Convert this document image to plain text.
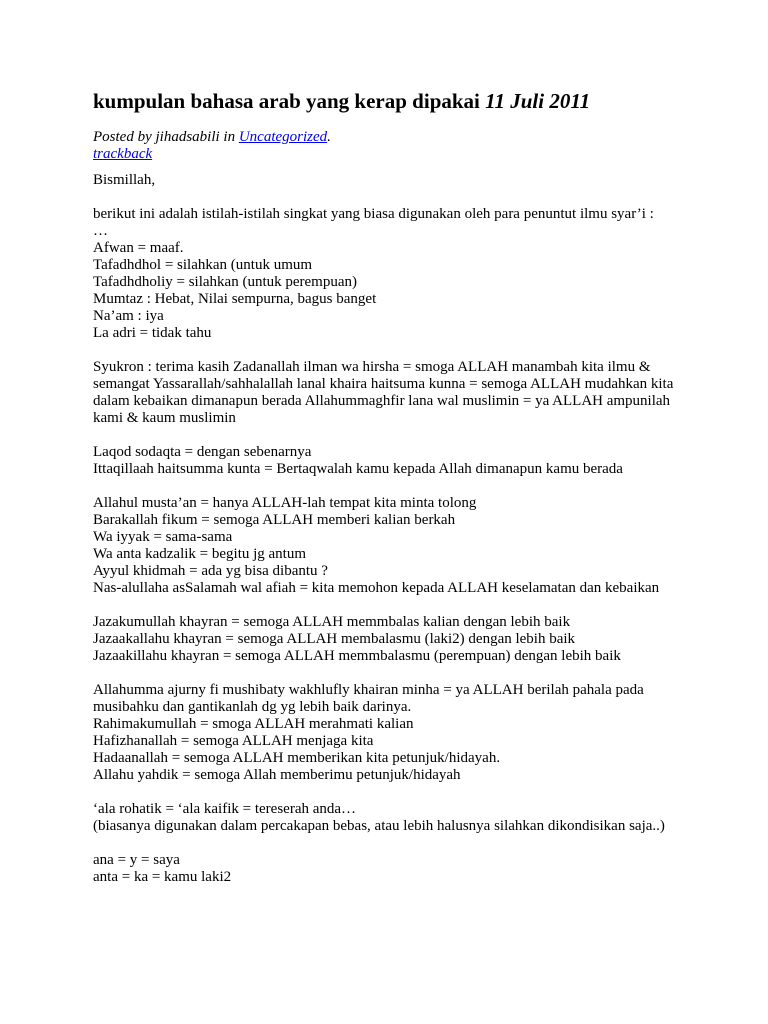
kumpulan bahasa arab yang kerap dipakai 11 Juli 2011
Posted by jihadsabili in Uncategorized.
trackback
Bismillah,
berikut ini adalah istilah-istilah singkat yang biasa digunakan oleh para penuntut ilmu syar’i :
…
Afwan = maaf.
Tafadhdhol = silahkan (untuk umum
Tafadhdholiy = silahkan (untuk perempuan)
Mumtaz : Hebat, Nilai sempurna, bagus banget
Na’am : iya
La adri = tidak tahu
Syukron : terima kasih Zadanallah ilman wa hirsha = smoga ALLAH manambah kita ilmu & semangat Yassarallah/sahhalallah lanal khaira haitsuma kunna = semoga ALLAH mudahkan kita dalam kebaikan dimanapun berada Allahummaghfir lana wal muslimin = ya ALLAH ampunilah kami & kaum muslimin
Laqod sodaqta = dengan sebenarnya
Ittaqillaah haitsumma kunta = Bertaqwalah kamu kepada Allah dimanapun kamu berada
Allahul musta’an = hanya ALLAH-lah tempat kita minta tolong
Barakallah fikum = semoga ALLAH memberi kalian berkah
Wa iyyak = sama-sama
Wa anta kadzalik = begitu jg antum
Ayyul khidmah = ada yg bisa dibantu ?
Nas-alullaha asSalamah wal afiah = kita memohon kepada ALLAH keselamatan dan kebaikan
Jazakumullah khayran = semoga ALLAH memmbalas kalian dengan lebih baik
Jazaakallahu khayran = semoga ALLAH membalasmu (laki2) dengan lebih baik
Jazaakillahu khayran = semoga ALLAH memmbalasmu (perempuan) dengan lebih baik
Allahumma ajurny fi mushibaty wakhlufly khairan minha = ya ALLAH berilah pahala pada musibahku dan gantikanlah dg yg lebih baik darinya.
Rahimakumullah = smoga ALLAH merahmati kalian
Hafizhanallah = semoga ALLAH menjaga kita
Hadaanallah = semoga ALLAH memberikan kita petunjuk/hidayah.
Allahu yahdik = semoga Allah memberimu petunjuk/hidayah
‘ala rohatik = ‘ala kaifik = tereserah anda…
(biasanya digunakan dalam percakapan bebas, atau lebih halusnya silahkan dikondisikan saja..)
ana = y = saya
anta = ka = kamu laki2
